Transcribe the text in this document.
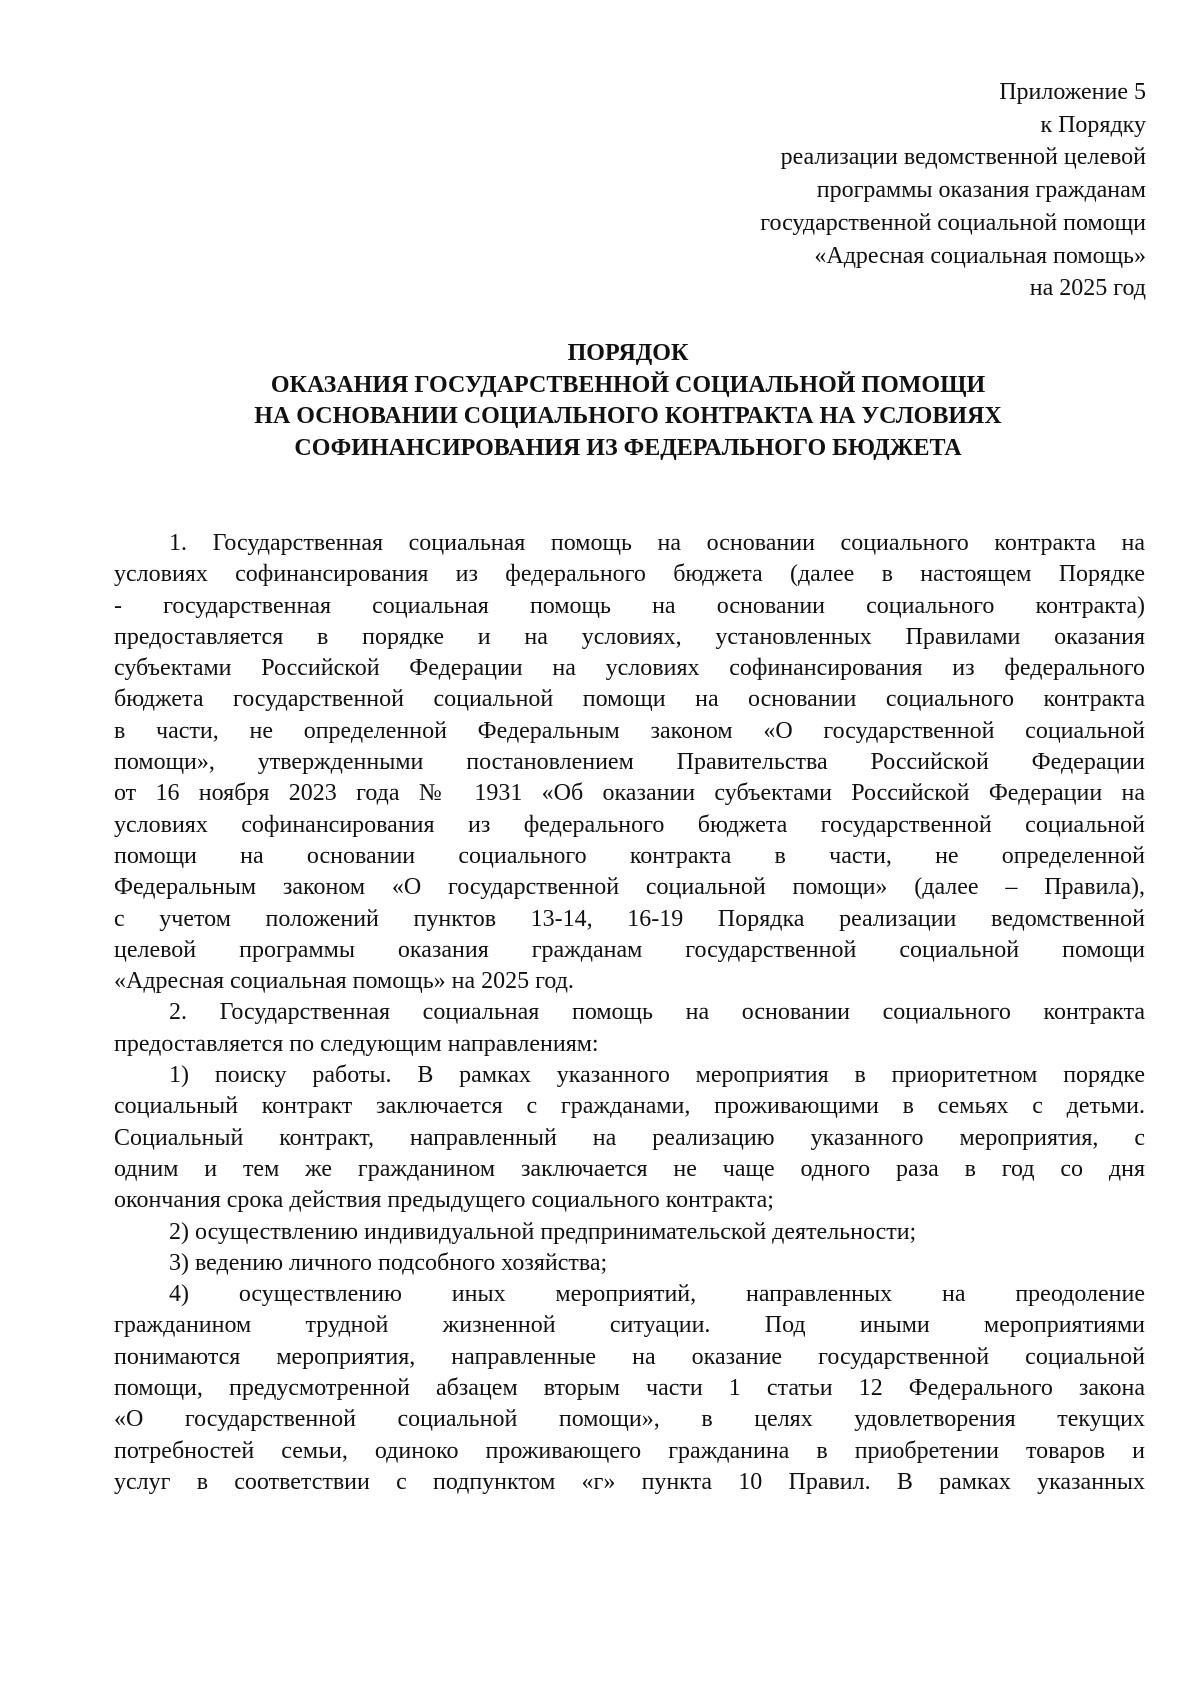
Приложение 5
к Порядку
реализации ведомственной целевой
программы оказания гражданам
государственной социальной помощи
«Адресная социальная помощь»
на 2025 год
ПОРЯДОК
ОКАЗАНИЯ ГОСУДАРСТВЕННОЙ СОЦИАЛЬНОЙ ПОМОЩИ
НА ОСНОВАНИИ СОЦИАЛЬНОГО КОНТРАКТА НА УСЛОВИЯХ
СОФИНАНСИРОВАНИЯ ИЗ ФЕДЕРАЛЬНОГО БЮДЖЕТА
1. Государственная социальная помощь на основании социального контракта на
условиях софинансирования из федерального бюджета (далее в настоящем Порядке
- государственная социальная помощь на основании социального контракта)
предоставляется в порядке и на условиях, установленных Правилами оказания
субъектами Российской Федерации на условиях софинансирования из федерального
бюджета государственной социальной помощи на основании социального контракта
в части, не определенной Федеральным законом «О государственной социальной
помощи», утвержденными постановлением Правительства Российской Федерации
от 16 ноября 2023 года № 1931 «Об оказании субъектами Российской Федерации на
условиях софинансирования из федерального бюджета государственной социальной
помощи на основании социального контракта в части, не определенной
Федеральным законом «О государственной социальной помощи» (далее – Правила),
с учетом положений пунктов 13-14, 16-19 Порядка реализации ведомственной
целевой программы оказания гражданам государственной социальной помощи
«Адресная социальная помощь» на 2025 год.
2. Государственная социальная помощь на основании социального контракта
предоставляется по следующим направлениям:
1) поиску работы. В рамках указанного мероприятия в приоритетном порядке
социальный контракт заключается с гражданами, проживающими в семьях с детьми.
Социальный контракт, направленный на реализацию указанного мероприятия, с
одним и тем же гражданином заключается не чаще одного раза в год со дня
окончания срока действия предыдущего социального контракта;
2) осуществлению индивидуальной предпринимательской деятельности;
3) ведению личного подсобного хозяйства;
4) осуществлению иных мероприятий, направленных на преодоление
гражданином трудной жизненной ситуации. Под иными мероприятиями
понимаются мероприятия, направленные на оказание государственной социальной
помощи, предусмотренной абзацем вторым части 1 статьи 12 Федерального закона
«О государственной социальной помощи», в целях удовлетворения текущих
потребностей семьи, одиноко проживающего гражданина в приобретении товаров и
услуг в соответствии с подпунктом «г» пункта 10 Правил. В рамках указанных
